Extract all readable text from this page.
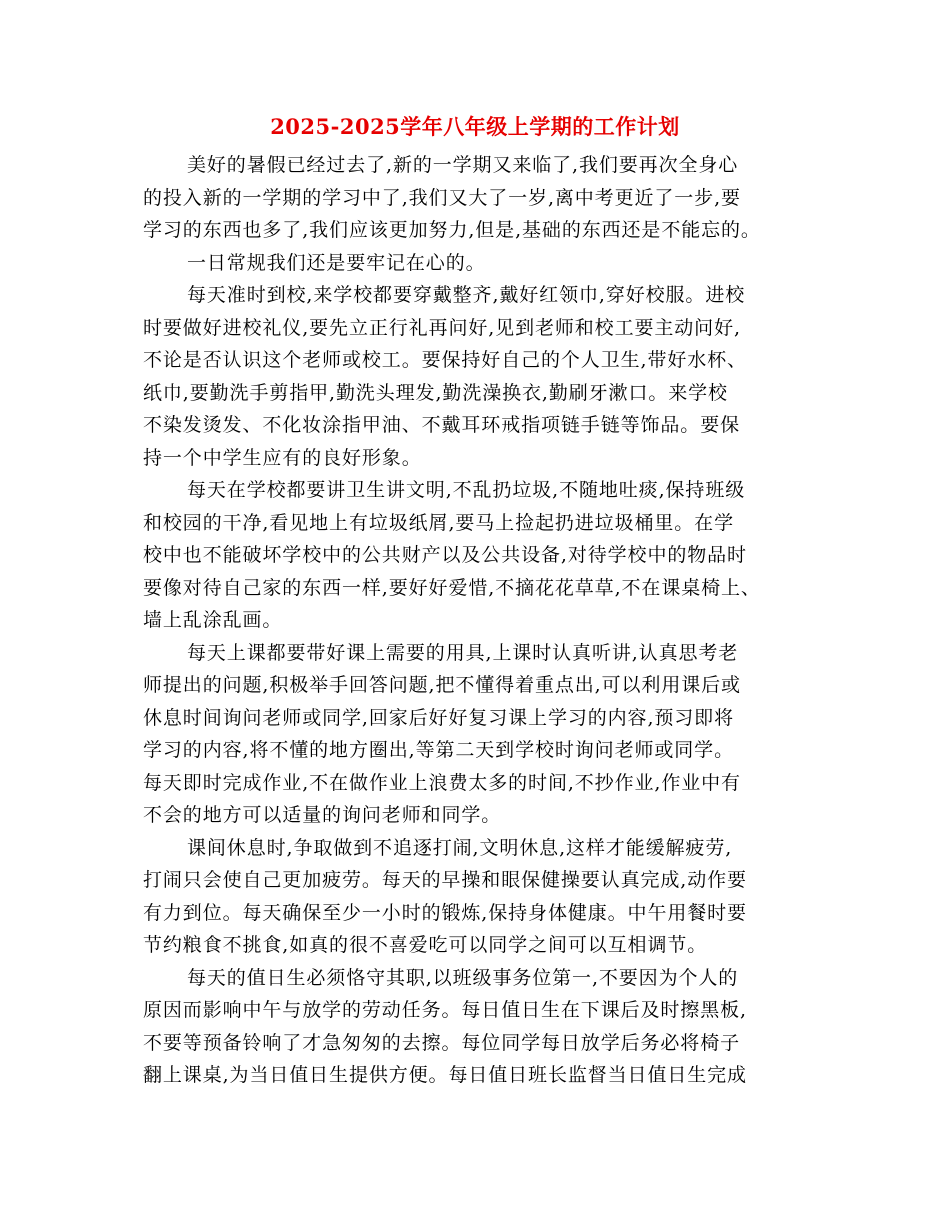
2025-2025学年八年级上学期的工作计划
美好的暑假已经过去了,新的一学期又来临了,我们要再次全身心
的投入新的一学期的学习中了,我们又大了一岁,离中考更近了一步,要
学习的东西也多了,我们应该更加努力,但是,基础的东西还是不能忘的。
一日常规我们还是要牢记在心的。
每天准时到校,来学校都要穿戴整齐,戴好红领巾,穿好校服。进校
时要做好进校礼仪,要先立正行礼再问好,见到老师和校工要主动问好,
不论是否认识这个老师或校工。要保持好自己的个人卫生,带好水杯、
纸巾,要勤洗手剪指甲,勤洗头理发,勤洗澡换衣,勤刷牙漱口。来学校
不染发烫发、不化妆涂指甲油、不戴耳环戒指项链手链等饰品。要保
持一个中学生应有的良好形象。
每天在学校都要讲卫生讲文明,不乱扔垃圾,不随地吐痰,保持班级
和校园的干净,看见地上有垃圾纸屑,要马上捡起扔进垃圾桶里。在学
校中也不能破坏学校中的公共财产以及公共设备,对待学校中的物品时
要像对待自己家的东西一样,要好好爱惜,不摘花花草草,不在课桌椅上、
墙上乱涂乱画。
每天上课都要带好课上需要的用具,上课时认真听讲,认真思考老
师提出的问题,积极举手回答问题,把不懂得着重点出,可以利用课后或
休息时间询问老师或同学,回家后好好复习课上学习的内容,预习即将
学习的内容,将不懂的地方圈出,等第二天到学校时询问老师或同学。
每天即时完成作业,不在做作业上浪费太多的时间,不抄作业,作业中有
不会的地方可以适量的询问老师和同学。
课间休息时,争取做到不追逐打闹,文明休息,这样才能缓解疲劳,
打闹只会使自己更加疲劳。每天的早操和眼保健操要认真完成,动作要
有力到位。每天确保至少一小时的锻炼,保持身体健康。中午用餐时要
节约粮食不挑食,如真的很不喜爱吃可以同学之间可以互相调节。
每天的值日生必须恪守其职,以班级事务位第一,不要因为个人的
原因而影响中午与放学的劳动任务。每日值日生在下课后及时擦黑板,
不要等预备铃响了才急匆匆的去擦。每位同学每日放学后务必将椅子
翻上课桌,为当日值日生提供方便。每日值日班长监督当日值日生完成
